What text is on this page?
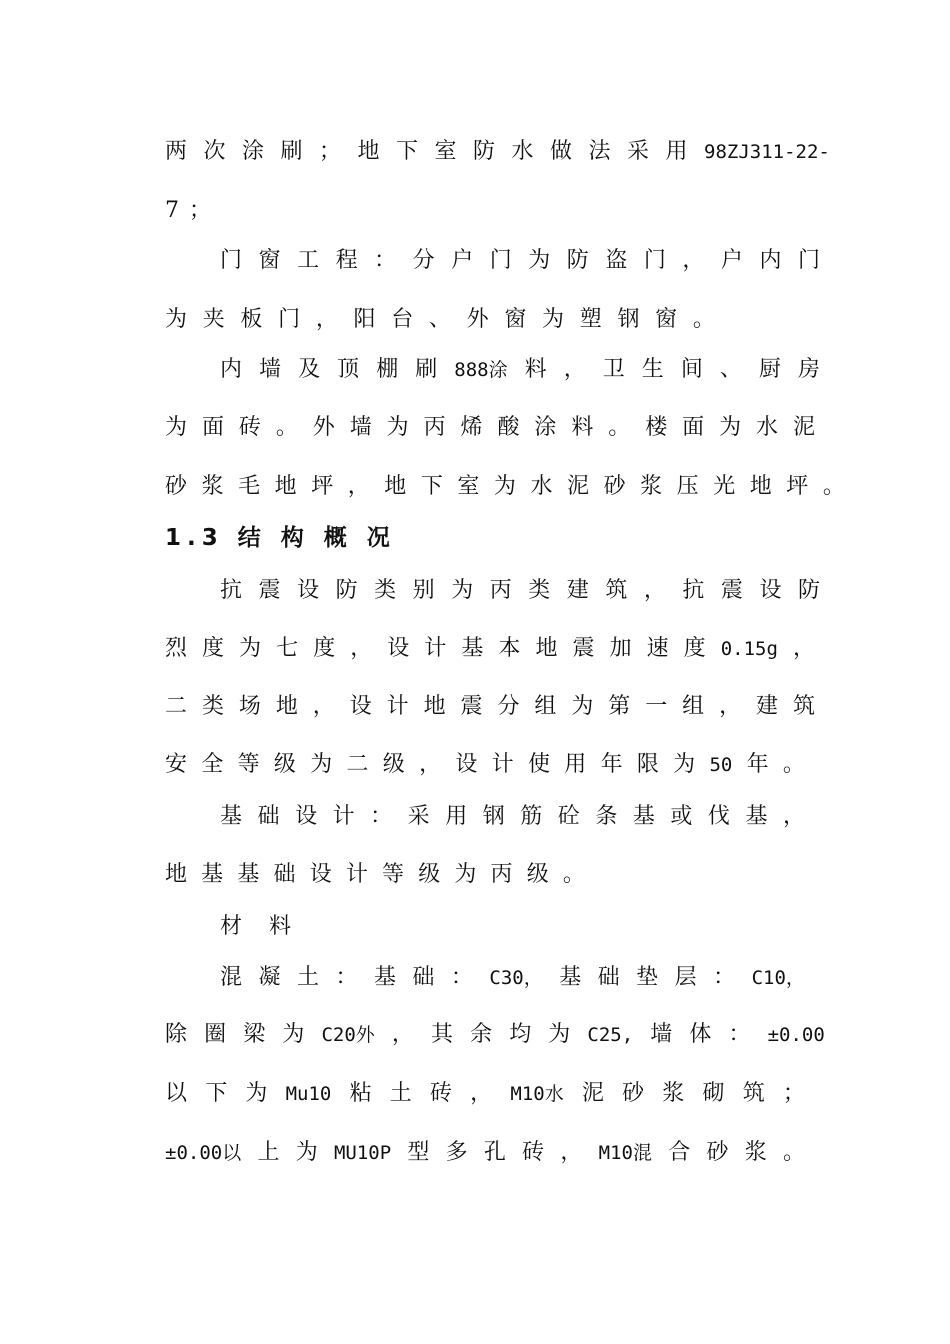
两 次 涂 刷 ； 地 下 室 防 水 做 法 采 用 98ZJ311-22-
7；
门 窗 工 程 ： 分 户 门 为 防 盗 门 ， 户 内 门
为 夹 板 门 ， 阳 台 、 外 窗 为 塑 钢 窗 。
内 墙 及 顶 棚 刷 888涂 料 ， 卫 生 间 、 厨 房
为 面 砖 。 外 墙 为 丙 烯 酸 涂 料 。 楼 面 为 水 泥
砂 浆 毛 地 坪 ， 地 下 室 为 水 泥 砂 浆 压 光 地 坪 。
1.3 结 构 概 况
抗 震 设 防 类 别 为 丙 类 建 筑 ， 抗 震 设 防
烈 度 为 七 度 ， 设 计 基 本 地 震 加 速 度 0.15g ，
二 类 场 地 ， 设 计 地 震 分 组 为 第 一 组 ， 建 筑
安 全 等 级 为 二 级 ， 设 计 使 用 年 限 为 50 年 。
基 础 设 计 ： 采 用 钢 筋 砼 条 基 或 伐 基 ，
地 基 基 础 设 计 等 级 为 丙 级 。
材 料
混 凝 土 ： 基 础 ： C30， 基 础 垫 层 ： C10，
除 圈 梁 为 C20外 ， 其 余 均 为 C25, 墙 体 ： ±0.00
以 下 为 Mu10 粘 土 砖 ， M10水 泥 砂 浆 砌 筑 ；
±0.00以 上 为 MU10P 型 多 孔 砖 ， M10混 合 砂 浆 。
